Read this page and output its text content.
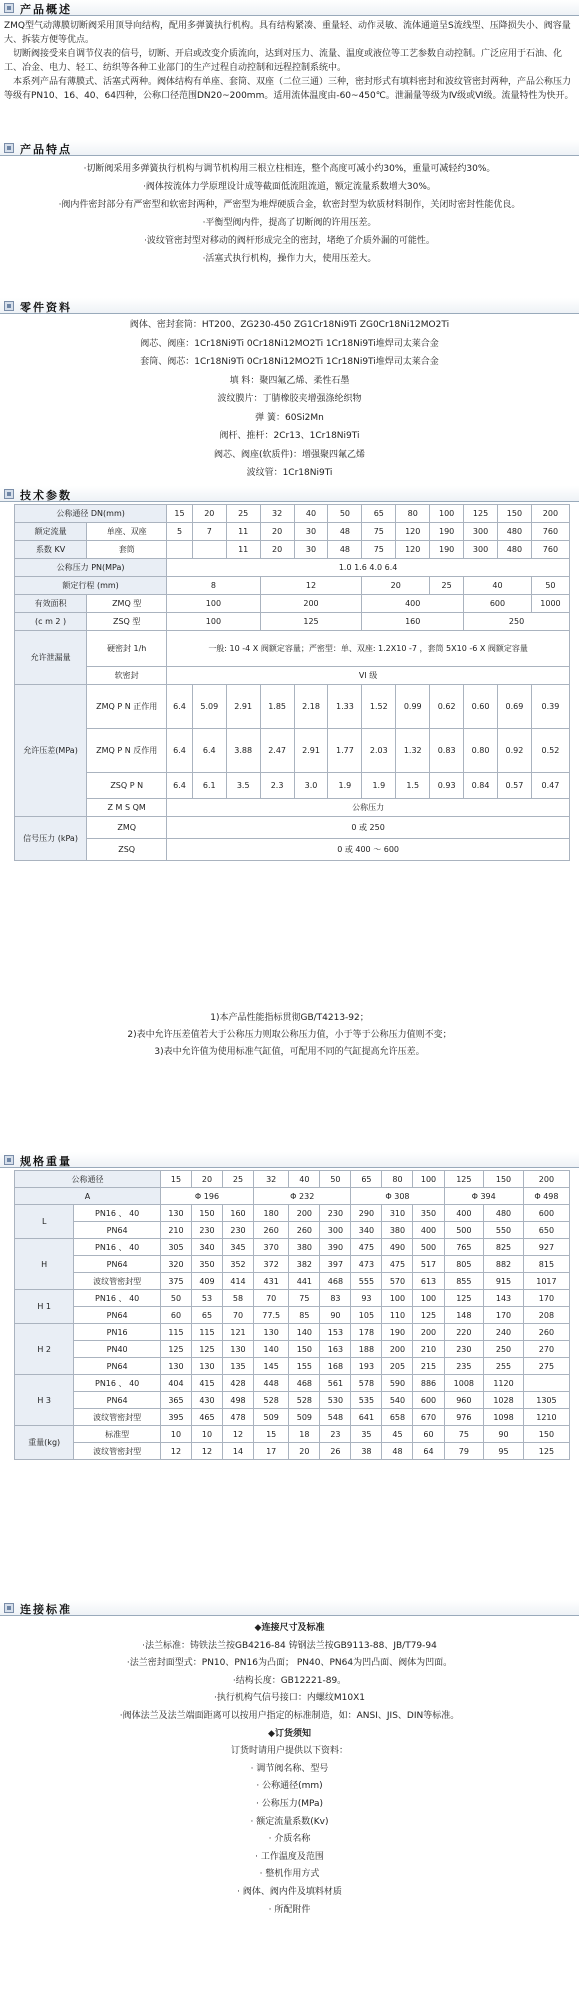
产品概述

ZMQ型气动薄膜切断阀采用顶导向结构，配用多弹簧执行机构。具有结构紧凑、重量轻、动作灵敏、流体通道呈S流线型、压降损失小、阀容量大、拆装方便等优点。

切断阀接受来自调节仪表的信号，切断、开启或改变介质流向，达到对压力、流量、温度或液位等工艺参数自动控制。广泛应用于石油、化工、冶金、电力、轻工、纺织等各种工业部门的生产过程自动控制和远程控制系统中。

本系列产品有薄膜式、活塞式两种。阀体结构有单座、套筒、双座（二位三通）三种，密封形式有填料密封和波纹管密封两种，产品公称压力等级有PN10、16、40、64四种，公称口径范围DN20~200mm。适用流体温度由-60~450℃。泄漏量等级为Ⅳ级或Ⅵ级。流量特性为快开。

产品特点
·切断阀采用多弹簧执行机构与调节机构用三根立柱相连，整个高度可减小约30%，重量可减轻约30%。
·阀体按流体力学原理设计成等截面低流阻流道，额定流量系数增大30%。
·阀内件密封部分有严密型和软密封两种，严密型为堆焊硬质合金，软密封型为软质材料制作，关闭时密封性能优良。
·平衡型阀内件，提高了切断阀的许用压差。
·波纹管密封型对移动的阀杆形成完全的密封，堵绝了介质外漏的可能性。
·活塞式执行机构，操作力大，使用压差大。
零件资料
阀体、密封套筒：HT200、ZG230-450 ZG1Cr18Ni9Ti ZG0Cr18Ni12MO2Ti
阀芯、阀座：1Cr18Ni9Ti 0Cr18Ni12MO2Ti 1Cr18Ni9Ti堆焊司太莱合金
套筒、阀芯：1Cr18Ni9Ti 0Cr18Ni12MO2Ti 1Cr18Ni9Ti堆焊司太莱合金
填 料：聚四氟乙烯、柔性石墨
波纹膜片：丁腈橡胶夹增强涤纶织物
弹 簧：60Si2Mn
阀杆、推杆：2Cr13、1Cr18Ni9Ti
阀芯、阀座(软质件)：增强聚四氟乙烯
波纹管：1Cr18Ni9Ti
技术参数
公称通径 DN(mm)		15	20	25	32	40	50	65	80	100	125	150	200
额定流量	单座、双座	5	7	11	20	30	48	75	120	190	300	480	760
系数 KV	套筒			11	20	30	48	75	120	190	300	480	760
公称压力 PN(MPa)		1.0 1.6 4.0 6.4											
额定行程 (mm)		8			12			20		25	40		50
有效面积	ZMQ 型	100			200			400			600		1000
(c m 2 )	ZSQ 型	100			125			160			250		
允许泄漏量	硬密封 1/h	一般: 10 -4 X 阀额定容量；严密型：单、双座: 1.2X10 -7 ，套筒 5X10 -6 X 阀额定容量											
	软密封	VI 级											
允许压差(MPa)	ZMQ P N 正作用	6.4	5.09	2.91	1.85	2.18	1.33	1.52	0.99	0.62	0.60	0.69	0.39
	ZMQ P N 反作用	6.4	6.4	3.88	2.47	2.91	1.77	2.03	1.32	0.83	0.80	0.92	0.52
	ZSQ P N	6.4	6.1	3.5	2.3	3.0	1.9	1.9	1.5	0.93	0.84	0.57	0.47
	Z M S QM	公称压力											
信号压力 (kPa)	ZMQ	0 或 250											
	ZSQ	0 或 400 ～ 600											
1)本产品性能指标贯彻GB/T4213-92；
2)表中允许压差值若大于公称压力则取公称压力值，小于等于公称压力值则不变；
3)表中允许值为使用标准气缸值，可配用不同的气缸提高允许压差。
规格重量
公称通径		15	20	25	32	40	50	65	80	100	125	150	200
A		Φ 196			Φ 232			Φ 308			Φ 394		Φ 498
L	PN16 、 40	130	150	160	180	200	230	290	310	350	400	480	600
	PN64	210	230	230	260	260	300	340	380	400	500	550	650
H	PN16 、 40	305	340	345	370	380	390	475	490	500	765	825	927
	PN64	320	350	352	372	382	397	473	475	517	805	882	815
	波纹管密封型	375	409	414	431	441	468	555	570	613	855	915	1017
H 1	PN16 、 40	50	53	58	70	75	83	93	100	100	125	143	170
	PN64	60	65	70	77.5	85	90	105	110	125	148	170	208
H 2	PN16	115	115	121	130	140	153	178	190	200	220	240	260
	PN40	125	125	130	140	150	163	188	200	210	230	250	270
	PN64	130	130	135	145	155	168	193	205	215	235	255	275
H 3	PN16 、 40	404	415	428	448	468	561	578	590	886	1008	1120	
	PN64	365	430	498	528	528	530	535	540	600	960	1028	1305
	波纹管密封型	395	465	478	509	509	548	641	658	670	976	1098	1210
重量(kg)	标准型	10	10	12	15	18	23	35	45	60	75	90	150
	波纹管密封型	12	12	14	17	20	26	38	48	64	79	95	125
连接标准
◆连接尺寸及标准
·法兰标准：铸铁法兰按GB4216-84 铸钢法兰按GB9113-88、JB/T79-94
·法兰密封面型式：PN10、PN16为凸面； PN40、PN64为凹凸面、阀体为凹面。
·结构长度：GB12221-89。
·执行机构气信号接口：内螺纹M10X1
·阀体法兰及法兰端面距离可以按用户指定的标准制造，如：ANSI、JIS、DIN等标准。
◆订货须知
订货时请用户提供以下资料：
· 调节阀名称、型号
· 公称通径(mm)
· 公称压力(MPa)
· 额定流量系数(Kv)
· 介质名称
· 工作温度及范围
· 整机作用方式
· 阀体、阀内件及填料材质
· 所配附件
